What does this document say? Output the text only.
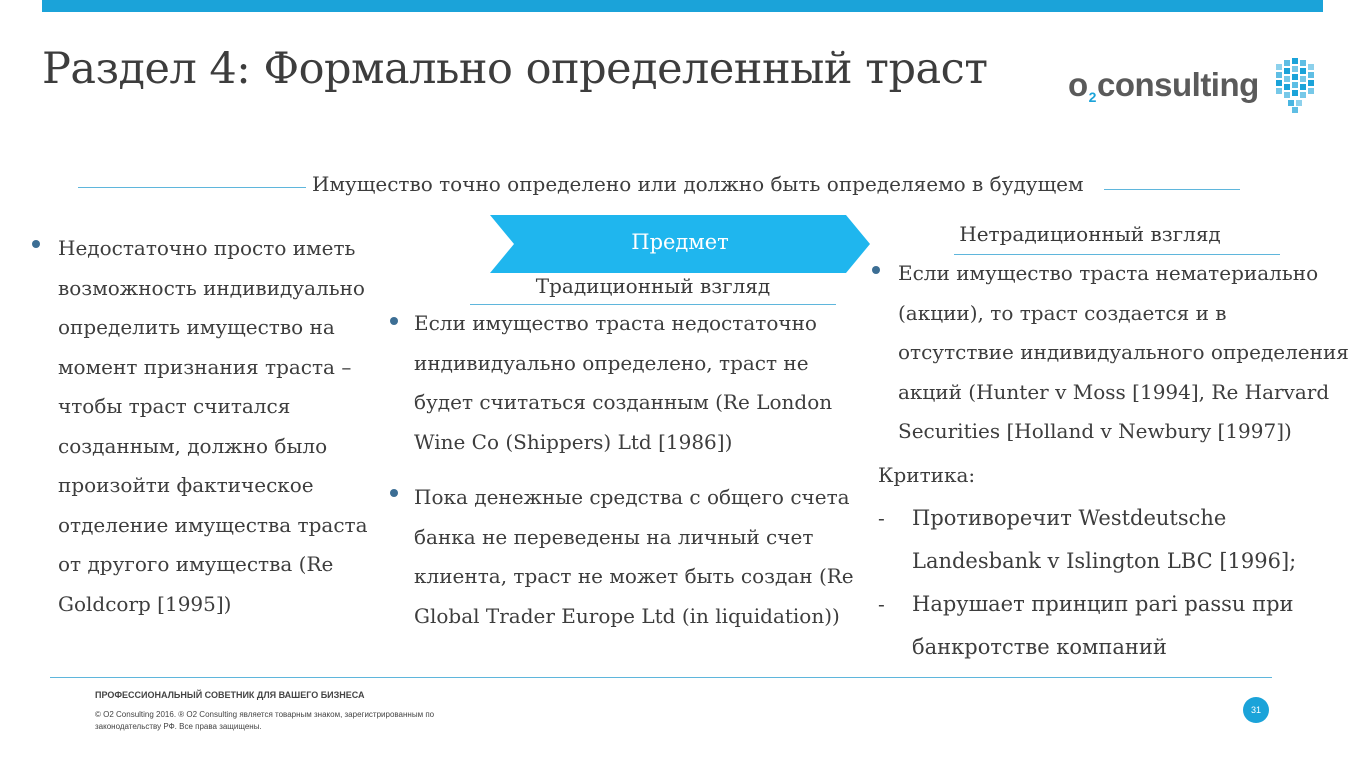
Раздел 4: Формально определенный траст $o_2consulting$
Имущество точно определено или должно быть определяемо в будущем
Недостаточно просто иметь
возможность индивидуально
определить имущество на
момент признания траста –
чтобы траст считался
созданным, должно было
произойти фактическое
отделение имущества траста
от другого имущества (Re
Goldcorp [1995])
Предмет
Традиционный взгляд
Если имущество траста недостаточно
индивидуально определено, траст не
будет считаться созданным (Re London
Wine Co (Shippers) Ltd [1986])
Пока денежные средства с общего счета
банка не переведены на личный счет
клиента, траст не может быть создан (Re
Global Trader Europe Ltd (in liquidation))
Нетрадиционный взгляд
Если имущество траста нематериально
(акции), то траст создается и в
отсутствие индивидуального определения
акций (Hunter v Moss [1994], Re Harvard
Securities [Holland v Newbury [1997])
Критика:
- Противоречит Westdeutsche
Landesbank v Islington LBC [1996];
- Нарушает принцип pari passu при
банкротстве компаний
ПРОФЕССИОНАЛЬНЫЙ СОВЕТНИК ДЛЯ ВАШЕГО БИЗНЕСА
© O2 Consulting 2016. ® O2 Consulting является товарным знаком, зарегистрированным по законодательству РФ. Все права защищены.
31
